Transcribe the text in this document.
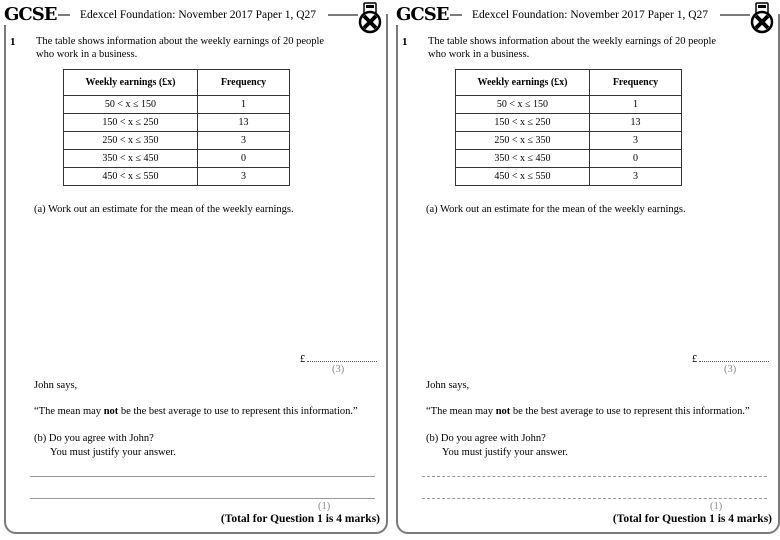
GCSE	Edexcel Foundation: November 2017 Paper 1, Q27
1 The table shows information about the weekly earnings of 20 people
who work in a business.
Weekly earnings (£x)	Frequency
50 < x ≤ 150	1
150 < x ≤ 250	13
250 < x ≤ 350	3
350 < x ≤ 450	0
450 < x ≤ 550	3
(a) Work out an estimate for the mean of the weekly earnings.
£
(3)
John says,
“The mean may not be the best average to use to represent this information.”
(b) Do you agree with John?
You must justify your answer.
(1)
(Total for Question 1 is 4 marks)
GCSE	Edexcel Foundation: November 2017 Paper 1, Q27
1 The table shows information about the weekly earnings of 20 people
who work in a business.
Weekly earnings (£x)	Frequency
50 < x ≤ 150	1
150 < x ≤ 250	13
250 < x ≤ 350	3
350 < x ≤ 450	0
450 < x ≤ 550	3
(a) Work out an estimate for the mean of the weekly earnings.
£
(3)
John says,
“The mean may not be the best average to use to represent this information.”
(b) Do you agree with John?
You must justify your answer.
(1)
(Total for Question 1 is 4 marks)
